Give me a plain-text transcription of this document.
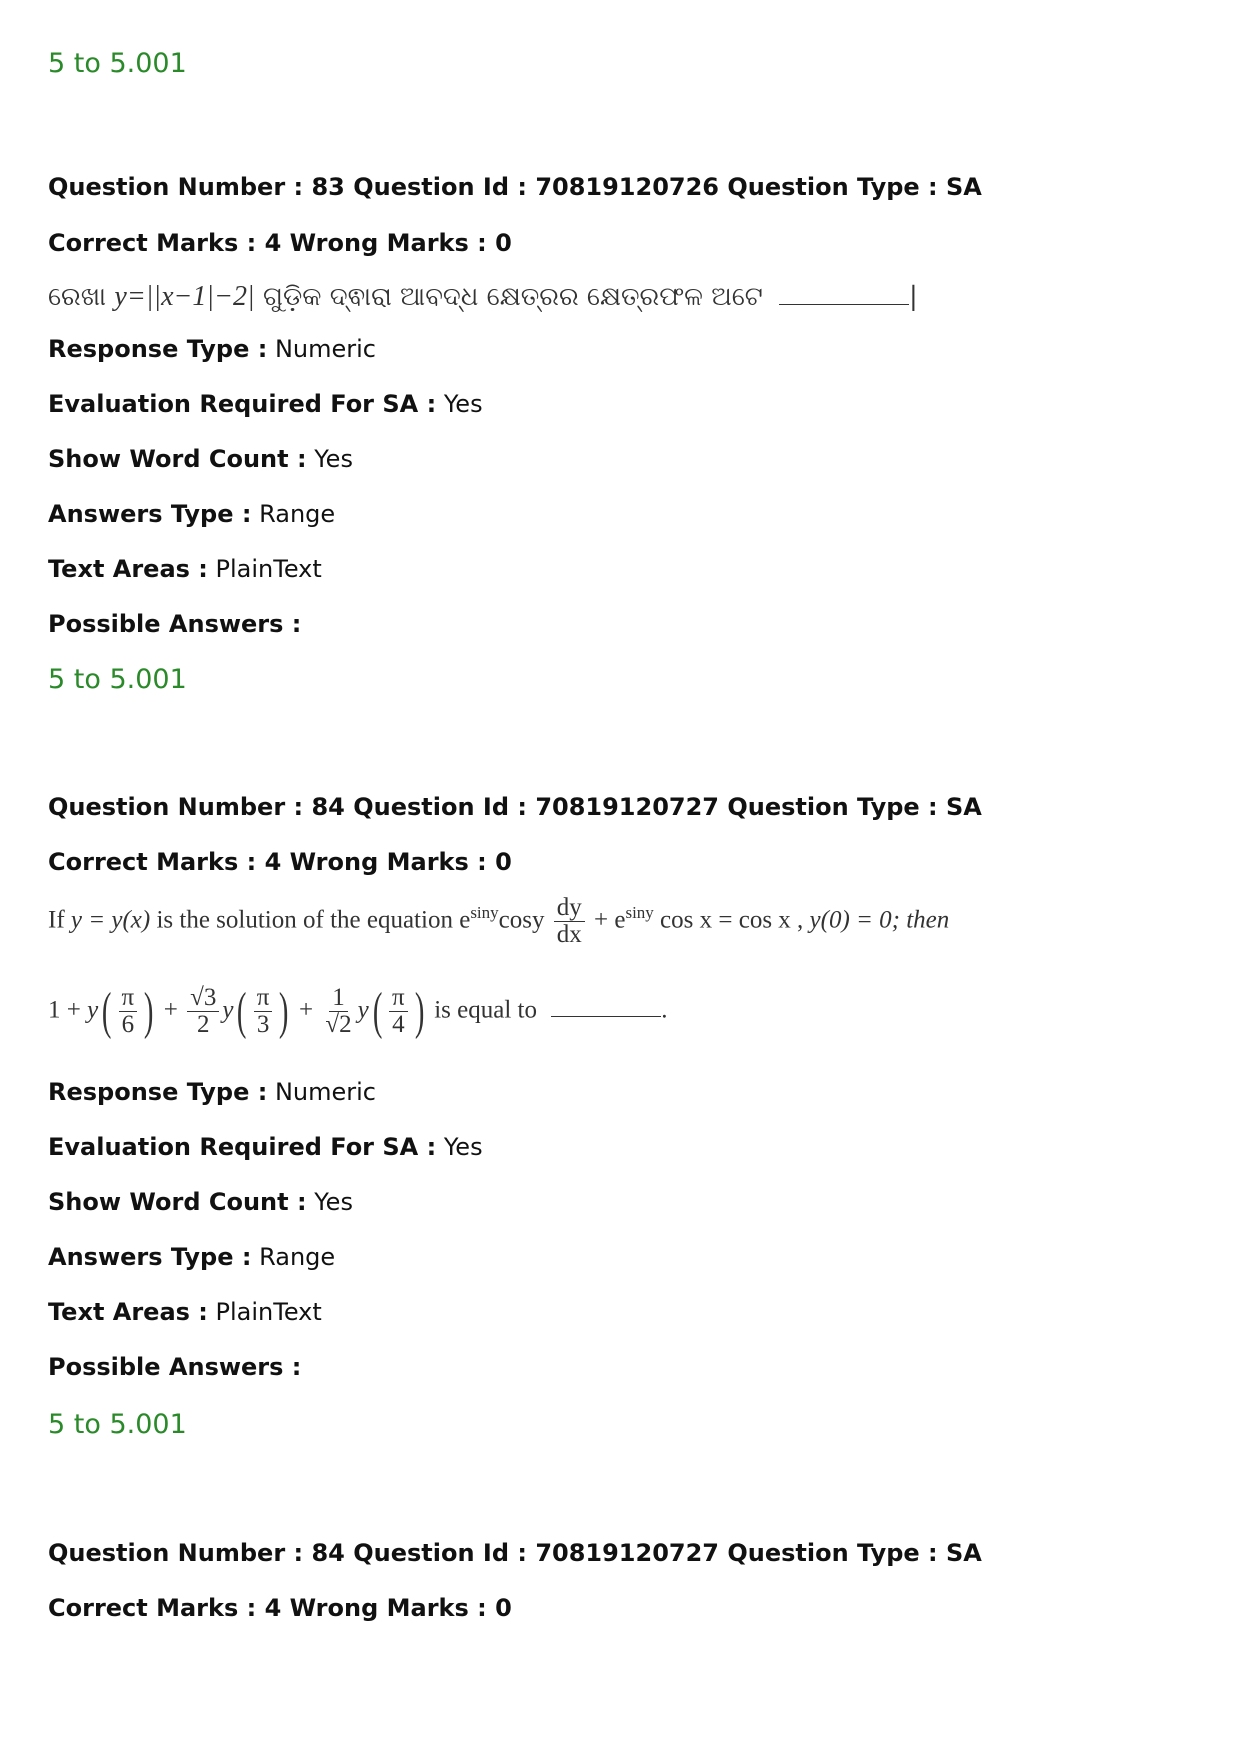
5 to 5.001
Question Number : 83 Question Id : 70819120726 Question Type : SA
Correct Marks : 4 Wrong Marks : 0
ରେଖା y=||x−1|−2| ଗୁଡ଼ିକ ଦ୍ଵାରା ଆବଦ୍ଧ କ୍ଷେତ୍ରର କ୍ଷେତ୍ରଫଳ ଅଟେ	|
Response Type : Numeric
Evaluation Required For SA : Yes
Show Word Count : Yes
Answers Type : Range
Text Areas : PlainText
Possible Answers :
5 to 5.001
Question Number : 84 Question Id : 70819120727 Question Type : SA
Correct Marks : 4 Wrong Marks : 0
If y = y(x) is the solution of the equation $e^{siny}\cos y \frac{dy}{dx} + e^{siny}$ cos x = cos x , y(0) = 0; then
$1 + y( \frac{\pi}{6}$ ) + $\frac{√3}{2} y( \frac{\pi}{3}$ ) + $\frac{1}{√2} y( \frac{\pi}{4}$ ) is equal to	.
Response Type : Numeric
Evaluation Required For SA : Yes
Show Word Count : Yes
Answers Type : Range
Text Areas : PlainText
Possible Answers :
5 to 5.001
Question Number : 84 Question Id : 70819120727 Question Type : SA
Correct Marks : 4 Wrong Marks : 0
